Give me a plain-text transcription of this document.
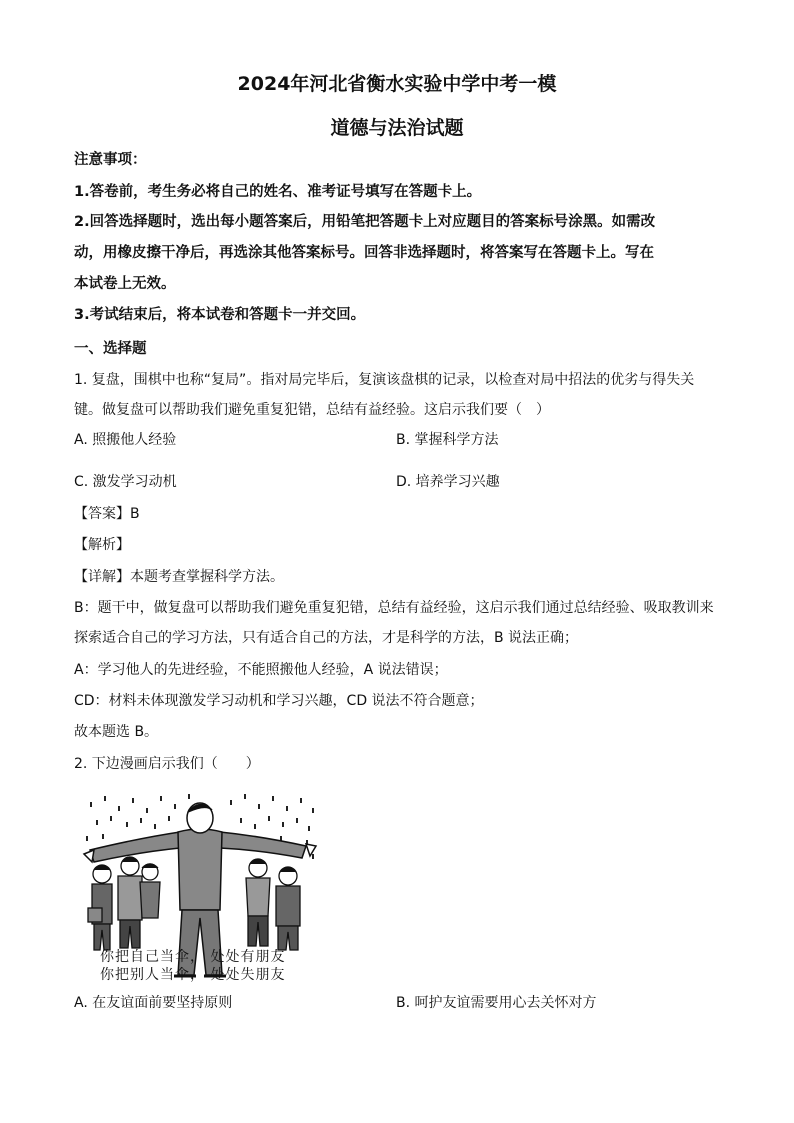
2024年河北省衡水实验中学中考一模
道德与法治试题
注意事项：
1.答卷前，考生务必将自己的姓名、准考证号填写在答题卡上。
2.回答选择题时，选出每小题答案后，用铅笔把答题卡上对应题目的答案标号涂黑。如需改
动，用橡皮擦干净后，再选涂其他答案标号。回答非选择题时，将答案写在答题卡上。写在
本试卷上无效。
3.考试结束后，将本试卷和答题卡一并交回。
一、选择题
1. 复盘，围棋中也称“复局”。指对局完毕后，复演该盘棋的记录，以检查对局中招法的优劣与得失关
键。做复盘可以帮助我们避免重复犯错，总结有益经验。这启示我们要（　）
A. 照搬他人经验	B. 掌握科学方法
C. 激发学习动机	D. 培养学习兴趣
【答案】B
【解析】
【详解】本题考查掌握科学方法。
B：题干中，做复盘可以帮助我们避免重复犯错，总结有益经验，这启示我们通过总结经验、吸取教训来
探索适合自己的学习方法，只有适合自己的方法，才是科学的方法，B 说法正确；
A：学习他人的先进经验，不能照搬他人经验，A 说法错误；
CD：材料未体现激发学习动机和学习兴趣，CD 说法不符合题意；
故本题选 B。
2. 下边漫画启示我们（　　）
你把自己当伞， 处处有朋友
你把别人当伞， 处处失朋友
A. 在友谊面前要坚持原则	B. 呵护友谊需要用心去关怀对方
